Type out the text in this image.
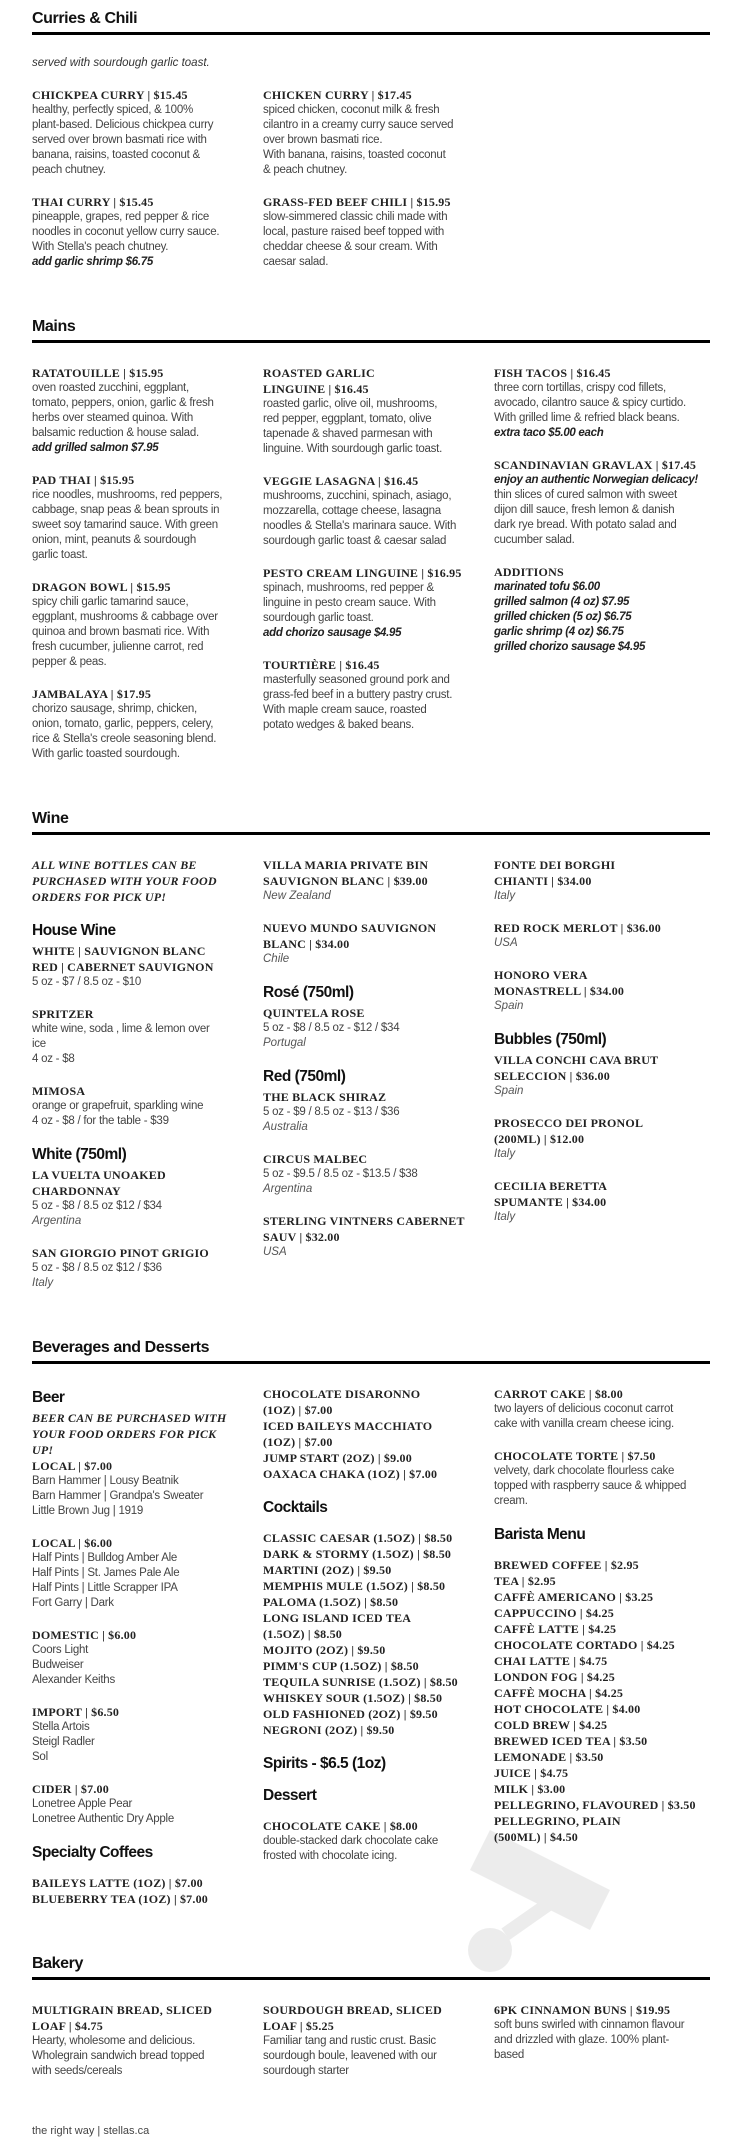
Curries & Chili
served with sourdough garlic toast.
CHICKPEA CURRY | $15.45
healthy, perfectly spiced, & 100%
plant-based. Delicious chickpea curry
served over brown basmati rice with
banana, raisins, toasted coconut &
peach chutney.
THAI CURRY | $15.45
pineapple, grapes, red pepper & rice
noodles in coconut yellow curry sauce.
With Stella's peach chutney.
add garlic shrimp $6.75
CHICKEN CURRY | $17.45
spiced chicken, coconut milk & fresh
cilantro in a creamy curry sauce served
over brown basmati rice.
With banana, raisins, toasted coconut
& peach chutney.
GRASS-FED BEEF CHILI | $15.95
slow-simmered classic chili made with
local, pasture raised beef topped with
cheddar cheese & sour cream. With
caesar salad.
Mains
RATATOUILLE | $15.95
oven roasted zucchini, eggplant,
tomato, peppers, onion, garlic & fresh
herbs over steamed quinoa. With
balsamic reduction & house salad.
add grilled salmon $7.95
PAD THAI | $15.95
rice noodles, mushrooms, red peppers,
cabbage, snap peas & bean sprouts in
sweet soy tamarind sauce. With green
onion, mint, peanuts & sourdough
garlic toast.
DRAGON BOWL | $15.95
spicy chili garlic tamarind sauce,
eggplant, mushrooms & cabbage over
quinoa and brown basmati rice. With
fresh cucumber, julienne carrot, red
pepper & peas.
JAMBALAYA | $17.95
chorizo sausage, shrimp, chicken,
onion, tomato, garlic, peppers, celery,
rice & Stella's creole seasoning blend.
With garlic toasted sourdough.
ROASTED GARLIC
LINGUINE | $16.45
roasted garlic, olive oil, mushrooms,
red pepper, eggplant, tomato, olive
tapenade & shaved parmesan with
linguine. With sourdough garlic toast.
VEGGIE LASAGNA | $16.45
mushrooms, zucchini, spinach, asiago,
mozzarella, cottage cheese, lasagna
noodles & Stella's marinara sauce. With
sourdough garlic toast & caesar salad
PESTO CREAM LINGUINE | $16.95
spinach, mushrooms, red pepper &
linguine in pesto cream sauce. With
sourdough garlic toast.
add chorizo sausage $4.95
TOURTIÈRE | $16.45
masterfully seasoned ground pork and
grass-fed beef in a buttery pastry crust.
With maple cream sauce, roasted
potato wedges & baked beans.
FISH TACOS | $16.45
three corn tortillas, crispy cod fillets,
avocado, cilantro sauce & spicy curtido.
With grilled lime & refried black beans.
extra taco $5.00 each
SCANDINAVIAN GRAVLAX | $17.45
enjoy an authentic Norwegian delicacy!
thin slices of cured salmon with sweet
dijon dill sauce, fresh lemon & danish
dark rye bread. With potato salad and
cucumber salad.
ADDITIONS
marinated tofu $6.00
grilled salmon (4 oz) $7.95
grilled chicken (5 oz) $6.75
garlic shrimp (4 oz) $6.75
grilled chorizo sausage $4.95
Wine
ALL WINE BOTTLES CAN BE
PURCHASED WITH YOUR FOOD
ORDERS FOR PICK UP!
House Wine
WHITE | SAUVIGNON BLANC
RED | CABERNET SAUVIGNON
5 oz - $7 / 8.5 oz - $10
SPRITZER
white wine, soda , lime & lemon over
ice
4 oz - $8
MIMOSA
orange or grapefruit, sparkling wine
4 oz - $8 / for the table - $39
White (750ml)
LA VUELTA UNOAKED
CHARDONNAY
5 oz - $8 / 8.5 oz $12 / $34
Argentina
SAN GIORGIO PINOT GRIGIO
5 oz - $8 / 8.5 oz $12 / $36
Italy
VILLA MARIA PRIVATE BIN
SAUVIGNON BLANC | $39.00
New Zealand
NUEVO MUNDO SAUVIGNON
BLANC | $34.00
Chile
Rosé (750ml)
QUINTELA ROSE
5 oz - $8 / 8.5 oz - $12 / $34
Portugal
Red (750ml)
THE BLACK SHIRAZ
5 oz - $9 / 8.5 oz - $13 / $36
Australia
CIRCUS MALBEC
5 oz - $9.5 / 8.5 oz - $13.5 / $38
Argentina
STERLING VINTNERS CABERNET
SAUV | $32.00
USA
FONTE DEI BORGHI
CHIANTI | $34.00
Italy
RED ROCK MERLOT | $36.00
USA
HONORO VERA
MONASTRELL | $34.00
Spain
Bubbles (750ml)
VILLA CONCHI CAVA BRUT
SELECCION | $36.00
Spain
PROSECCO DEI PRONOL
(200ML) | $12.00
Italy
CECILIA BERETTA
SPUMANTE | $34.00
Italy
Beverages and Desserts
Beer
BEER CAN BE PURCHASED WITH
YOUR FOOD ORDERS FOR PICK
UP!
LOCAL | $7.00
Barn Hammer | Lousy Beatnik
Barn Hammer | Grandpa's Sweater
Little Brown Jug | 1919
LOCAL | $6.00
Half Pints | Bulldog Amber Ale
Half Pints | St. James Pale Ale
Half Pints | Little Scrapper IPA
Fort Garry | Dark
DOMESTIC | $6.00
Coors Light
Budweiser
Alexander Keiths
IMPORT | $6.50
Stella Artois
Steigl Radler
Sol
CIDER | $7.00
Lonetree Apple Pear
Lonetree Authentic Dry Apple
Specialty Coffees
BAILEYS LATTE (1OZ) | $7.00
BLUEBERRY TEA (1OZ) | $7.00
CHOCOLATE DISARONNO
(1OZ) | $7.00
ICED BAILEYS MACCHIATO
(1OZ) | $7.00
JUMP START (2OZ) | $9.00
OAXACA CHAKA (1OZ) | $7.00
Cocktails
CLASSIC CAESAR (1.5OZ) | $8.50
DARK & STORMY (1.5OZ) | $8.50
MARTINI (2OZ) | $9.50
MEMPHIS MULE (1.5OZ) | $8.50
PALOMA (1.5OZ) | $8.50
LONG ISLAND ICED TEA
(1.5OZ) | $8.50
MOJITO (2OZ) | $9.50
PIMM'S CUP (1.5OZ) | $8.50
TEQUILA SUNRISE (1.5OZ) | $8.50
WHISKEY SOUR (1.5OZ) | $8.50
OLD FASHIONED (2OZ) | $9.50
NEGRONI (2OZ) | $9.50
Spirits - $6.5 (1oz)
Dessert
CHOCOLATE CAKE | $8.00
double-stacked dark chocolate cake
frosted with chocolate icing.
CARROT CAKE | $8.00
two layers of delicious coconut carrot
cake with vanilla cream cheese icing.
CHOCOLATE TORTE | $7.50
velvety, dark chocolate flourless cake
topped with raspberry sauce & whipped
cream.
Barista Menu
BREWED COFFEE | $2.95
TEA | $2.95
CAFFÈ AMERICANO | $3.25
CAPPUCCINO | $4.25
CAFFÈ LATTE | $4.25
CHOCOLATE CORTADO | $4.25
CHAI LATTE | $4.75
LONDON FOG | $4.25
CAFFÈ MOCHA | $4.25
HOT CHOCOLATE | $4.00
COLD BREW | $4.25
BREWED ICED TEA | $3.50
LEMONADE | $3.50
JUICE | $4.75
MILK | $3.00
PELLEGRINO, FLAVOURED | $3.50
PELLEGRINO, PLAIN
(500ML) | $4.50
Bakery
MULTIGRAIN BREAD, SLICED
LOAF | $4.75
Hearty, wholesome and delicious.
Wholegrain sandwich bread topped
with seeds/cereals
SOURDOUGH BREAD, SLICED
LOAF | $5.25
Familiar tang and rustic crust. Basic
sourdough boule, leavened with our
sourdough starter
6PK CINNAMON BUNS | $19.95
soft buns swirled with cinnamon flavour
and drizzled with glaze. 100% plant-
based
the right way | stellas.ca
